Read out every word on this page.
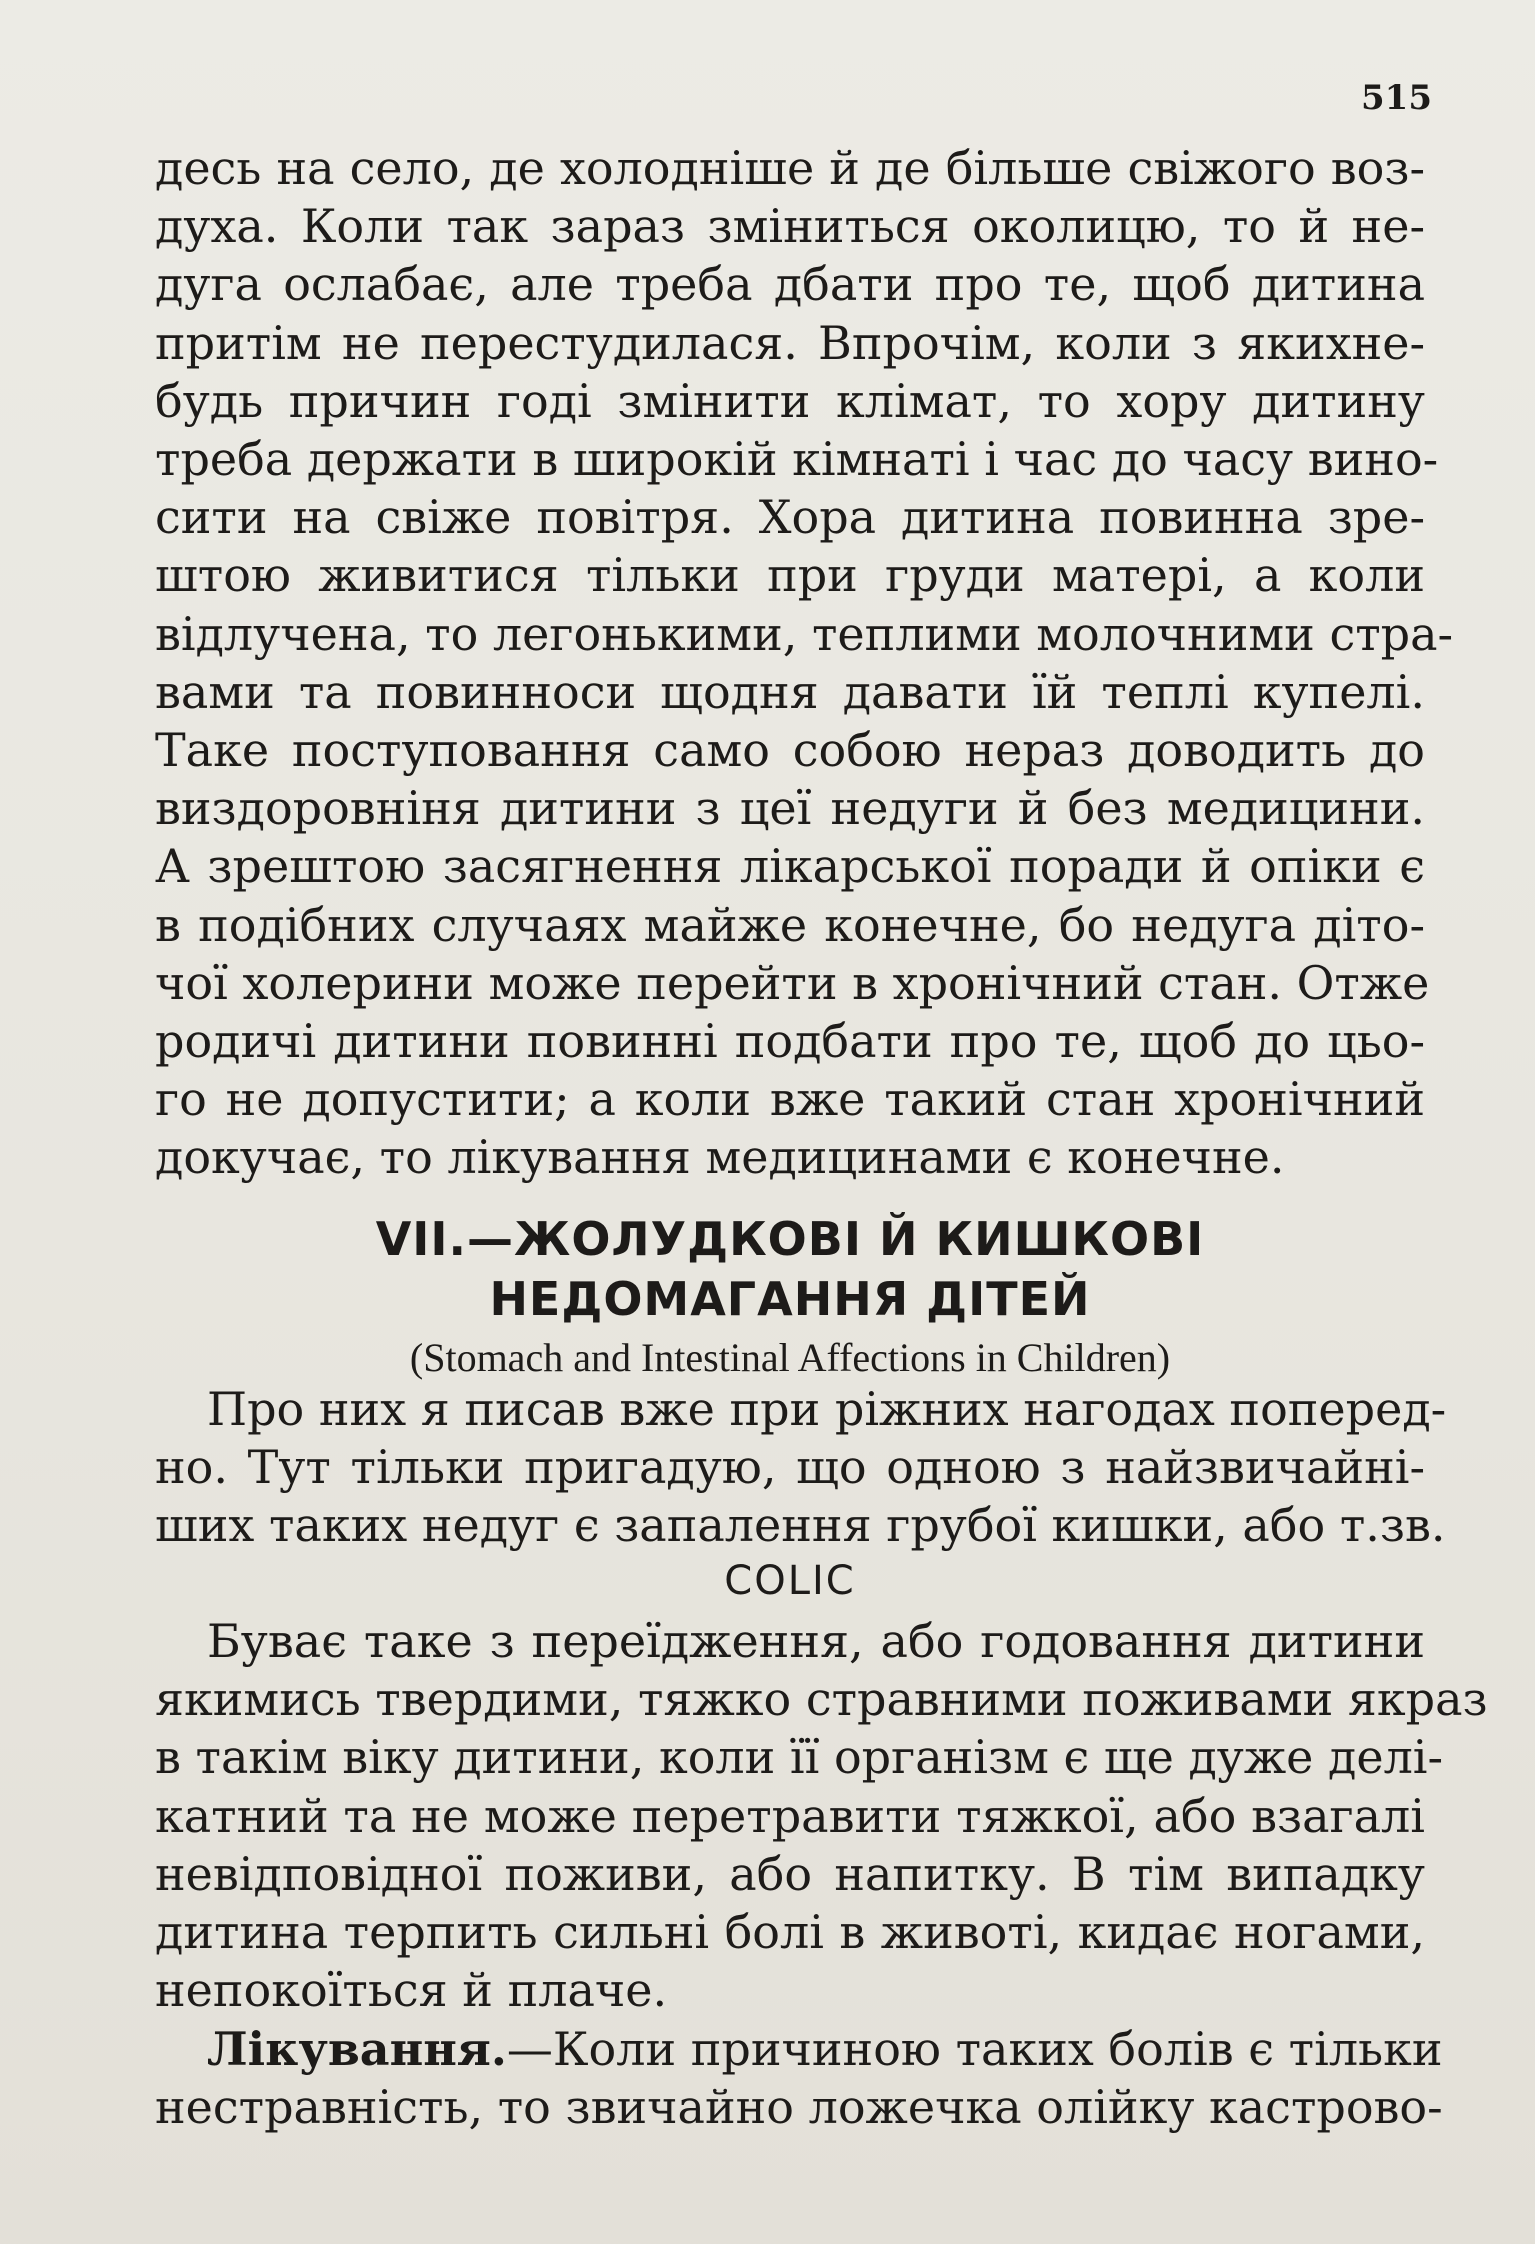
515
десь на село, де холодніше й де більше свіжого воз-
духа. Коли так зараз зміниться околицю, то й не-
дуга ослабає, але треба дбати про те, щоб дитина
притім не перестудилася. Впрочім, коли з якихне-
будь причин годі змінити клімат, то хору дитину
треба держати в широкій кімнаті і час до часу вино-
сити на свіже повітря. Хора дитина повинна зре-
штою живитися тільки при груди матері, а коли
відлучена, то легонькими, теплими молочними стра-
вами та повинноси щодня давати їй теплі купелі.
Таке поступовання само собою нераз доводить до
виздоровніня дитини з цеї недуги й без медицини.
А зрештою засягнення лікарської поради й опіки є
в подібних случаях майже конечне, бо недуга діто-
чої холерини може перейти в хронічний стан. Отже
родичі дитини повинні подбати про те, щоб до цьо-
го не допустити; а коли вже такий стан хронічний
докучає, то лікування медицинами є конечне.
VII.—ЖОЛУДКОВІ Й КИШКОВІ
НЕДОМАГАННЯ ДІТЕЙ
(Stomach and Intestinal Affections in Children)
Про них я писав вже при ріжних нагодах поперед-
но. Тут тільки пригадую, що одною з найзвичайні-
ших таких недуг є запалення грубої кишки, або т.зв.
COLIC
Буває таке з переїдження, або годовання дитини
якимись твердими, тяжко стравними поживами якраз
в такім віку дитини, коли її організм є ще дуже делі-
катний та не може перетравити тяжкої, або взагалі
невідповідної поживи, або напитку. В тім випадку
дитина терпить сильні болі в животі, кидає ногами,
непокоїться й плаче.
Лікування.—Коли причиною таких болів є тільки
нестравність, то звичайно ложечка олійку кастрово-
